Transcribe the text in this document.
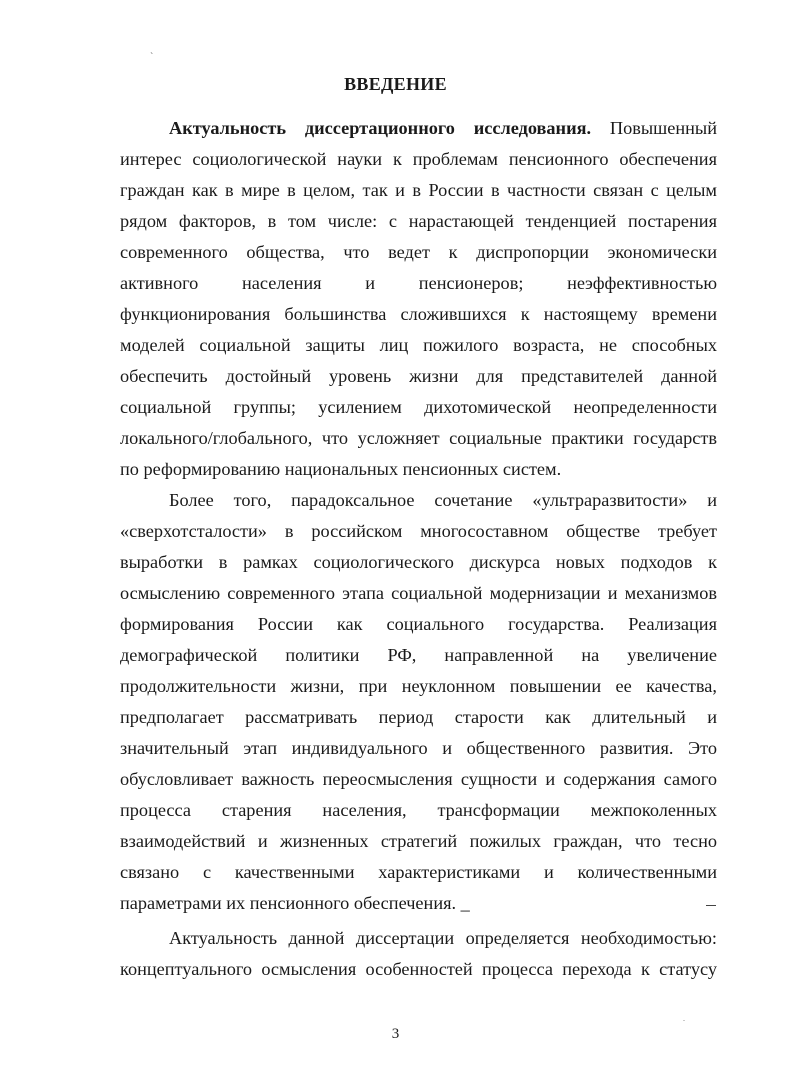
`
ВВЕДЕНИЕ
Актуальность диссертационного исследования. Повышенный
интерес социологической науки к проблемам пенсионного обеспечения
граждан как в мире в целом, так и в России в частности связан с целым
рядом факторов, в том числе: с нарастающей тенденцией постарения
современного общества, что ведет к диспропорции экономически
активного населения и пенсионеров; неэффективностью
функционирования большинства сложившихся к настоящему времени
моделей социальной защиты лиц пожилого возраста, не способных
обеспечить достойный уровень жизни для представителей данной
социальной группы; усилением дихотомической неопределенности
локального/глобального, что усложняет социальные практики государств
по реформированию национальных пенсионных систем.
Более того, парадоксальное сочетание «ультраразвитости» и
«сверхотсталости» в российском многосоставном обществе требует
выработки в рамках социологического дискурса новых подходов к
осмыслению современного этапа социальной модернизации и механизмов
формирования России как социального государства. Реализация
демографической политики РФ, направленной на увеличение
продолжительности жизни, при неуклонном повышении ее качества,
предполагает рассматривать период старости как длительный и
значительный этап индивидуального и общественного развития. Это
обусловливает важность переосмысления сущности и содержания самого
процесса старения населения, трансформации межпоколенных
взаимодействий и жизненных стратегий пожилых граждан, что тесно
связано с качественными характеристиками и количественными
параметрами их пенсионного обеспечения. _
Актуальность данной диссертации определяется необходимостью:
концептуального осмысления особенностей процесса перехода к статусу
.
3
